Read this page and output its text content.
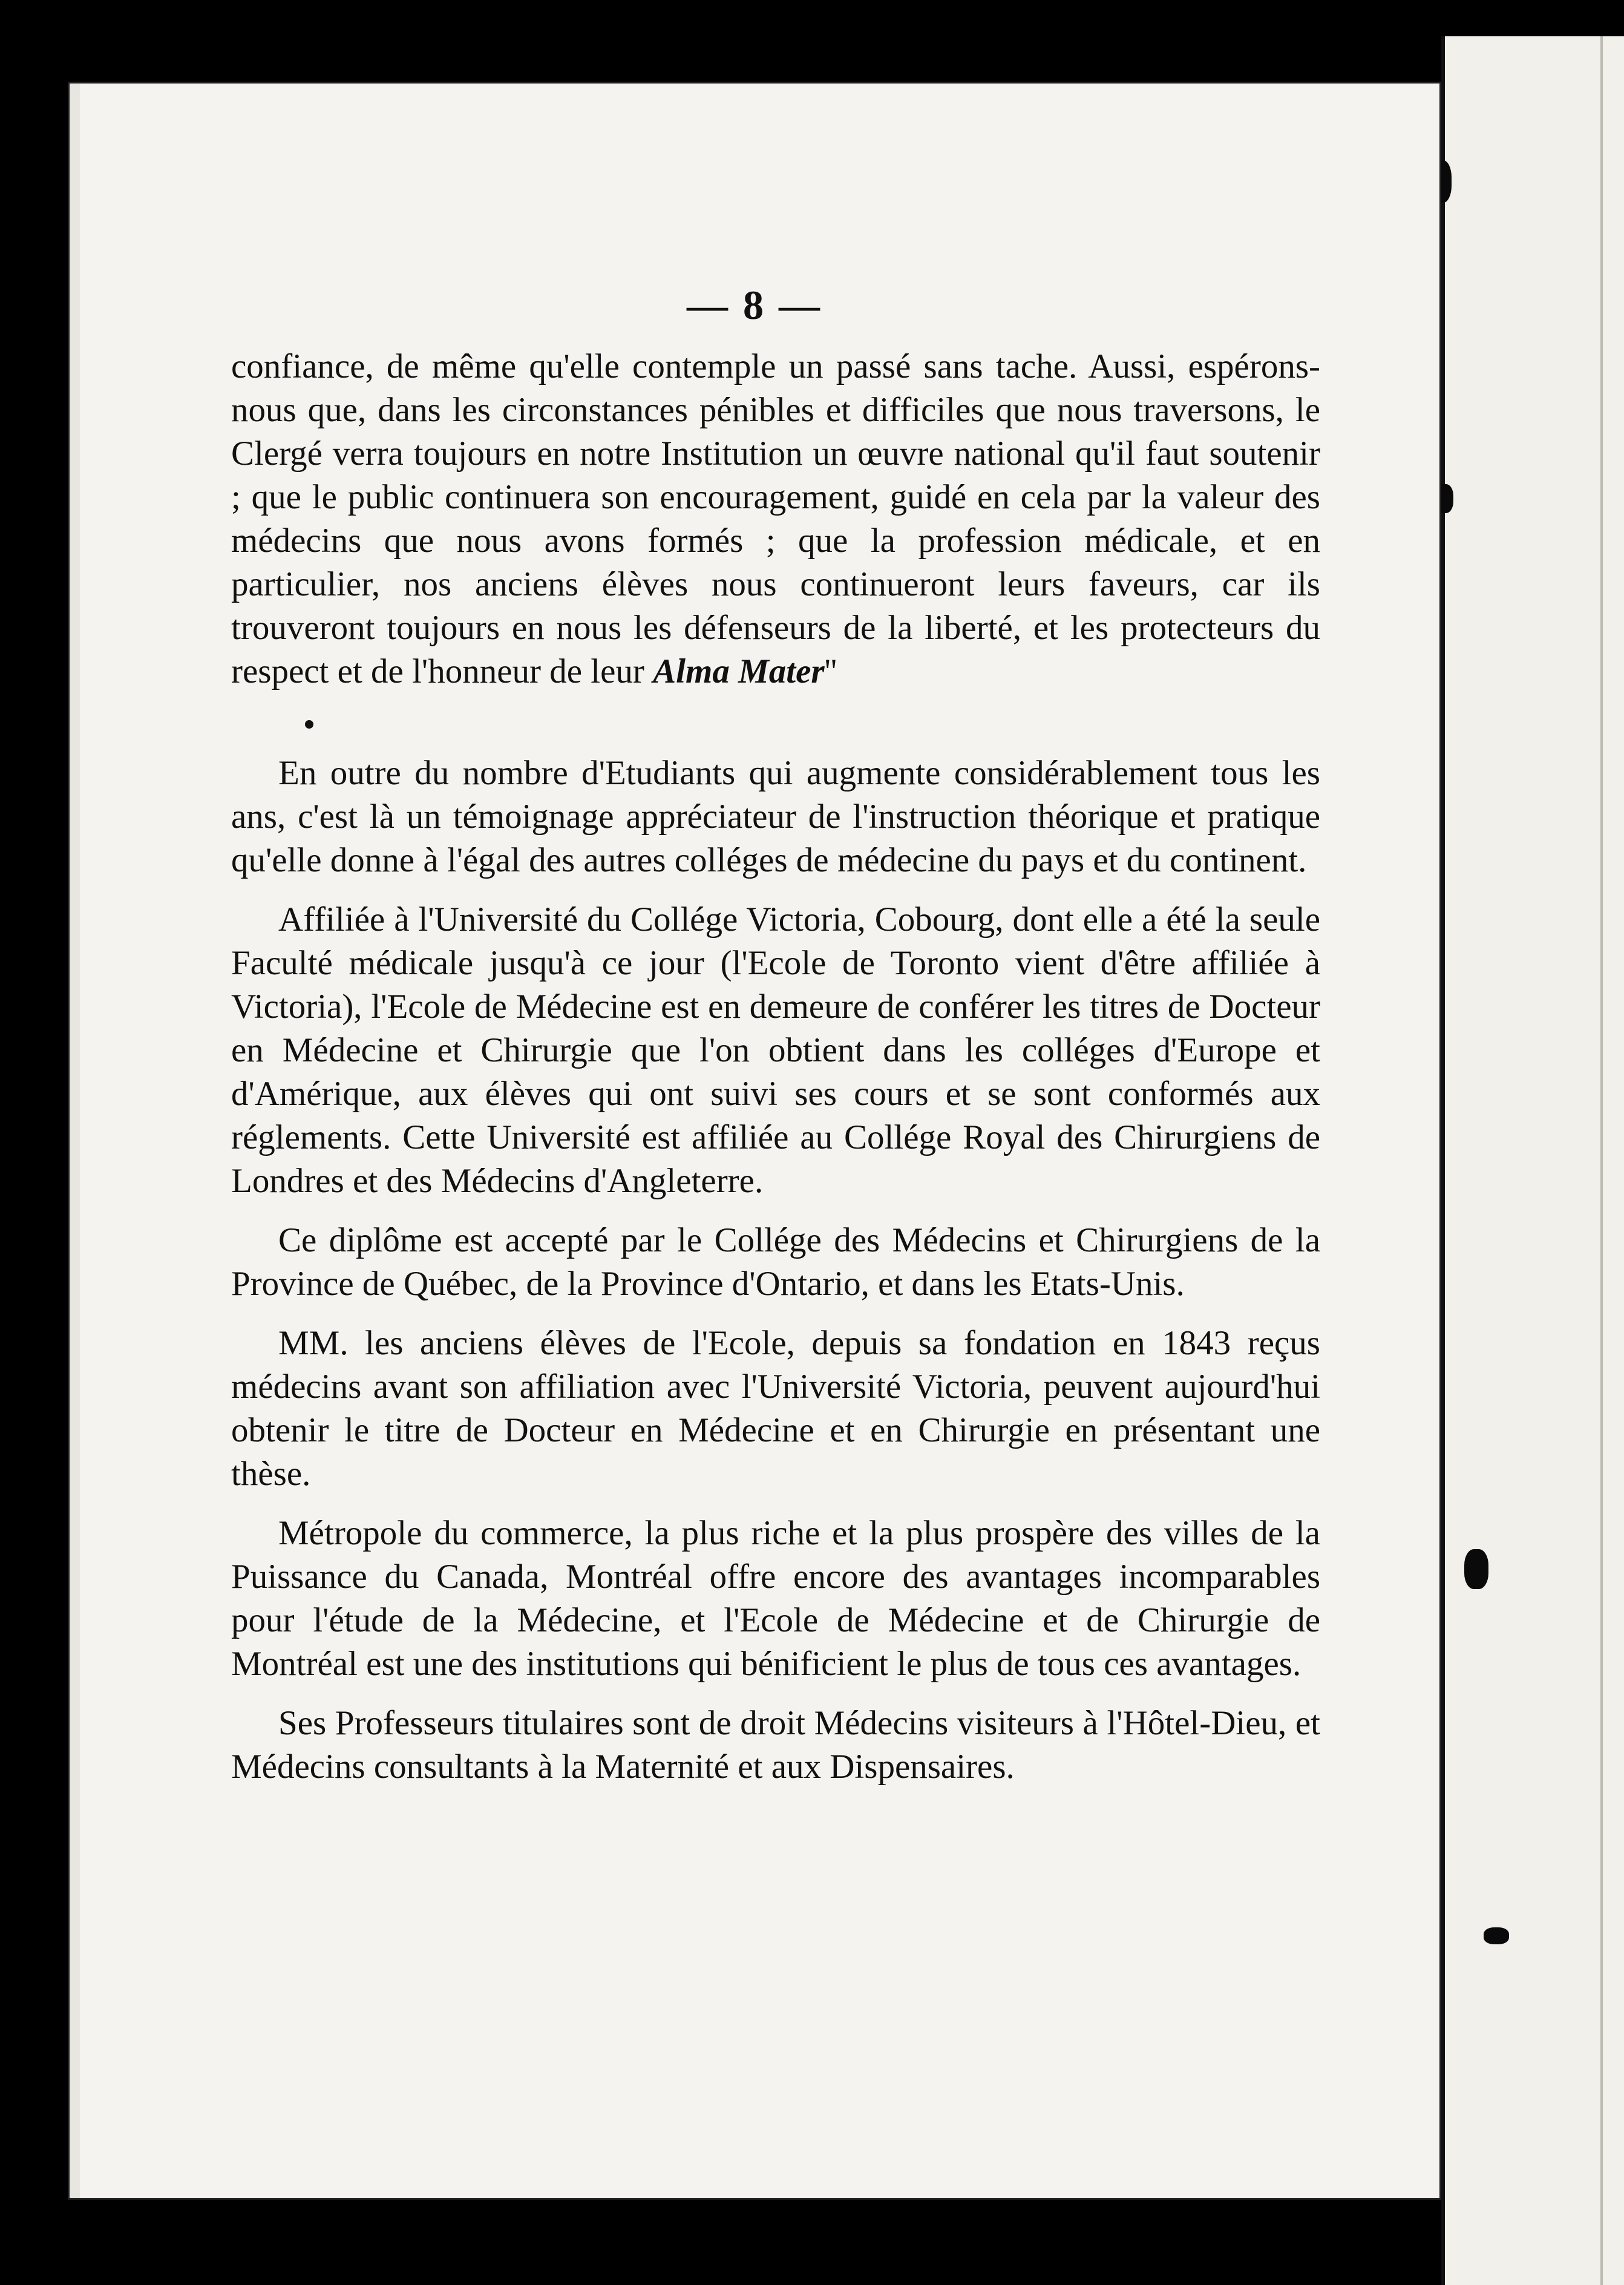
— 8 —

confiance, de même qu'elle contemple un passé sans tache. Aussi, espérons-nous que, dans les circonstances pénibles et difficiles que nous traversons, le Clergé verra toujours en notre Institution un œuvre national qu'il faut soutenir ; que le public continuera son encouragement, guidé en cela par la valeur des médecins que nous avons formés ; que la profession médicale, et en particulier, nos anciens élèves nous continueront leurs faveurs, car ils trouveront toujours en nous les défenseurs de la liberté, et les protecteurs du respect et de l'honneur de leur Alma Mater''

En outre du nombre d'Etudiants qui augmente considérablement tous les ans, c'est là un témoignage appréciateur de l'instruction théorique et pratique qu'elle donne à l'égal des autres colléges de médecine du pays et du continent.

Affiliée à l'Université du Collége Victoria, Cobourg, dont elle a été la seule Faculté médicale jusqu'à ce jour (l'Ecole de Toronto vient d'être affiliée à Victoria), l'Ecole de Médecine est en demeure de conférer les titres de Docteur en Médecine et Chirurgie que l'on obtient dans les colléges d'Europe et d'Amérique, aux élèves qui ont suivi ses cours et se sont conformés aux réglements. Cette Université est affiliée au Collége Royal des Chirurgiens de Londres et des Médecins d'Angleterre.

Ce diplôme est accepté par le Collége des Médecins et Chirurgiens de la Province de Québec, de la Province d'Ontario, et dans les Etats-Unis.

MM. les anciens élèves de l'Ecole, depuis sa fondation en 1843 reçus médecins avant son affiliation avec l'Université Victoria, peuvent aujourd'hui obtenir le titre de Docteur en Médecine et en Chirurgie en présentant une thèse.

Métropole du commerce, la plus riche et la plus prospère des villes de la Puissance du Canada, Montréal offre encore des avantages incomparables pour l'étude de la Médecine, et l'Ecole de Médecine et de Chirurgie de Montréal est une des institutions qui bénificient le plus de tous ces avantages.

Ses Professeurs titulaires sont de droit Médecins visiteurs à l'Hôtel-Dieu, et Médecins consultants à la Maternité et aux Dispensaires.
